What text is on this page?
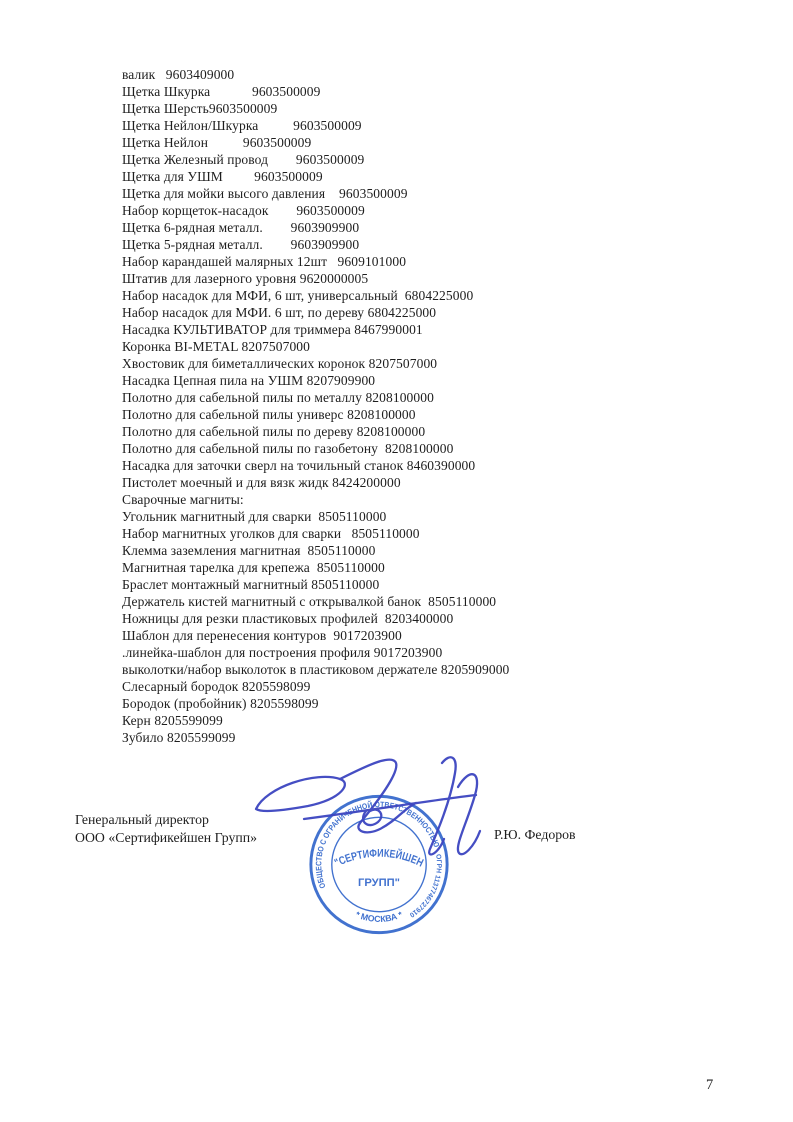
валик   9603409000
Щетка Шкурка            9603500009
Щетка Шерсть9603500009
Щетка Нейлон/Шкурка          9603500009
Щетка Нейлон          9603500009
Щетка Железный провод        9603500009
Щетка для УШМ         9603500009
Щетка для мойки высого давления    9603500009
Набор корщеток-насадок        9603500009
Щетка 6-рядная металл.        9603909900
Щетка 5-рядная металл.        9603909900
Набор карандашей малярных 12шт   9609101000
Штатив для лазерного уровня 9620000005
Набор насадок для МФИ, 6 шт, универсальный  6804225000
Набор насадок для МФИ. 6 шт, по дереву 6804225000
Насадка КУЛЬТИВАТОР для триммера 8467990001
Коронка BI-METAL 8207507000
Хвостовик для биметаллических коронок 8207507000
Насадка Цепная пила на УШМ 8207909900
Полотно для сабельной пилы по металлу 8208100000
Полотно для сабельной пилы универс 8208100000
Полотно для сабельной пилы по дереву 8208100000
Полотно для сабельной пилы по газобетону  8208100000
Насадка для заточки сверл на точильный станок 8460390000
Пистолет моечный и для вязк жидк 8424200000
Сварочные магниты:
Угольник магнитный для сварки  8505110000
Набор магнитных уголков для сварки   8505110000
Клемма заземления магнитная  8505110000
Магнитная тарелка для крепежа  8505110000
Браслет монтажный магнитный 8505110000
Держатель кистей магнитный с открывалкой банок  8505110000
Ножницы для резки пластиковых профилей  8203400000
Шаблон для перенесения контуров  9017203900
.линейка-шаблон для построения профиля 9017203900
выколотки/набор выколоток в пластиковом держателе 8205909000
Слесарный бородок 8205598099
Бородок (пробойник) 8205598099
Керн 8205599099
Зубило 8205599099
Генеральный директор
ООО «Сертификейшен Групп»	Р.Ю. Федоров
ОБЩЕСТВО С ОГРАНИЧЕННОЙ ОТВЕТСТВЕННОСТЬЮ
ОГРН 1137746727910
* МОСКВА *
"СЕРТИФИКЕЙШЕН
ГРУПП"
7
